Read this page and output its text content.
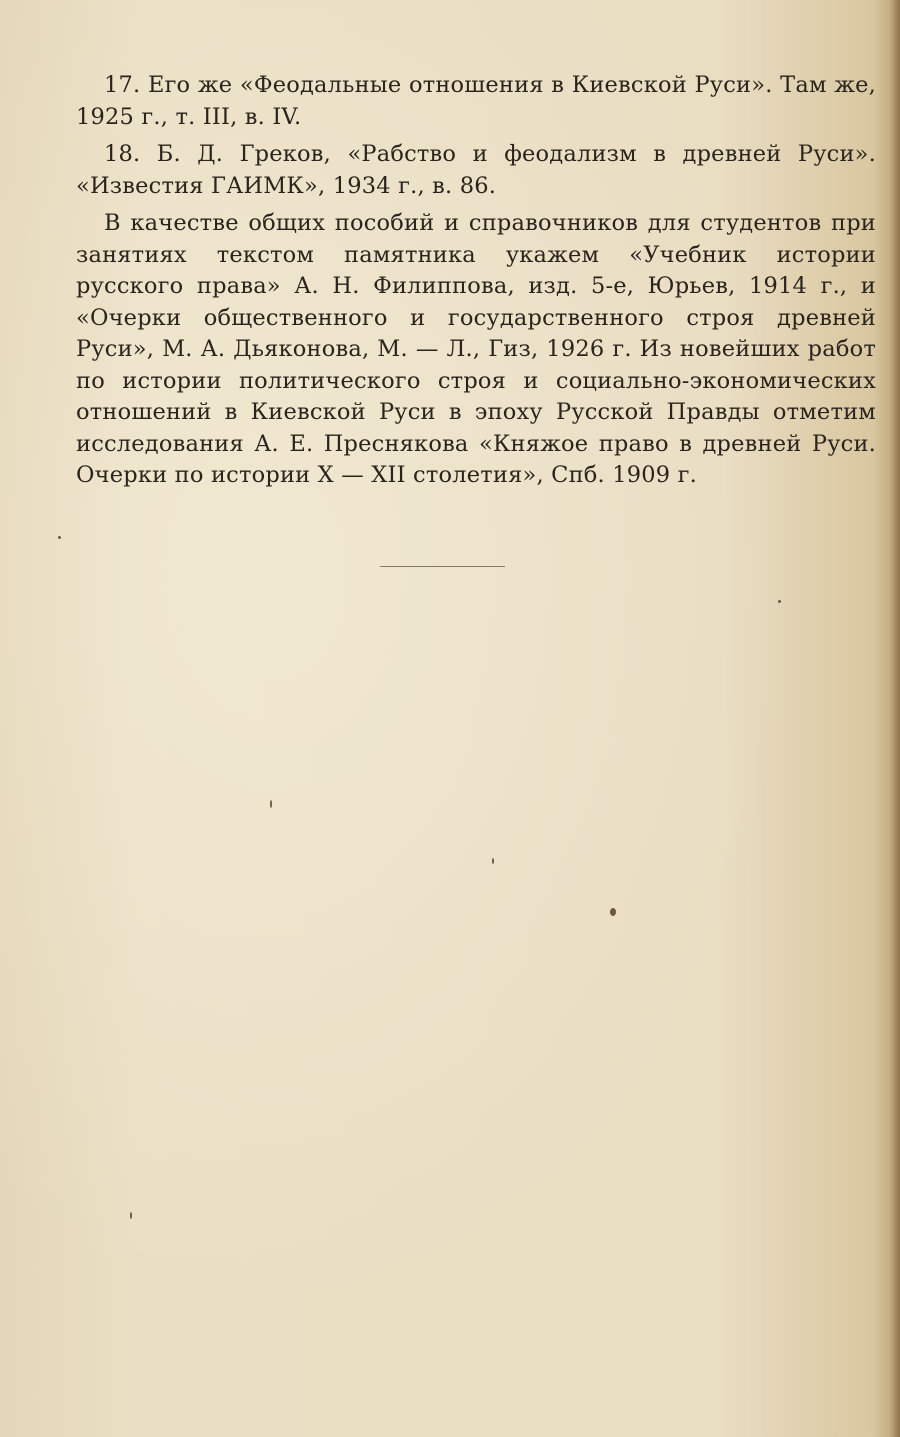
17. Его же «Феодальные отношения в Киевской Руси». Там же, 1925 г., т. III, в. IV.

18. Б. Д. Греков, «Рабство и феодализм в древней Руси». «Известия ГАИМК», 1934 г., в. 86.

В качестве общих пособий и справочников для студентов при занятиях текстом памятника укажем «Учебник истории русского права» А. Н. Филиппова, изд. 5-е, Юрьев, 1914 г., и «Очерки общественного и государственного строя древней Руси», М. А. Дьяконова, М. — Л., Гиз, 1926 г. Из новейших работ по истории политического строя и социально-экономических отношений в Киевской Руси в эпоху Русской Правды отметим исследования А. Е. Преснякова «Княжое право в древней Руси. Очерки по истории X — XII столетия», Спб. 1909 г.
